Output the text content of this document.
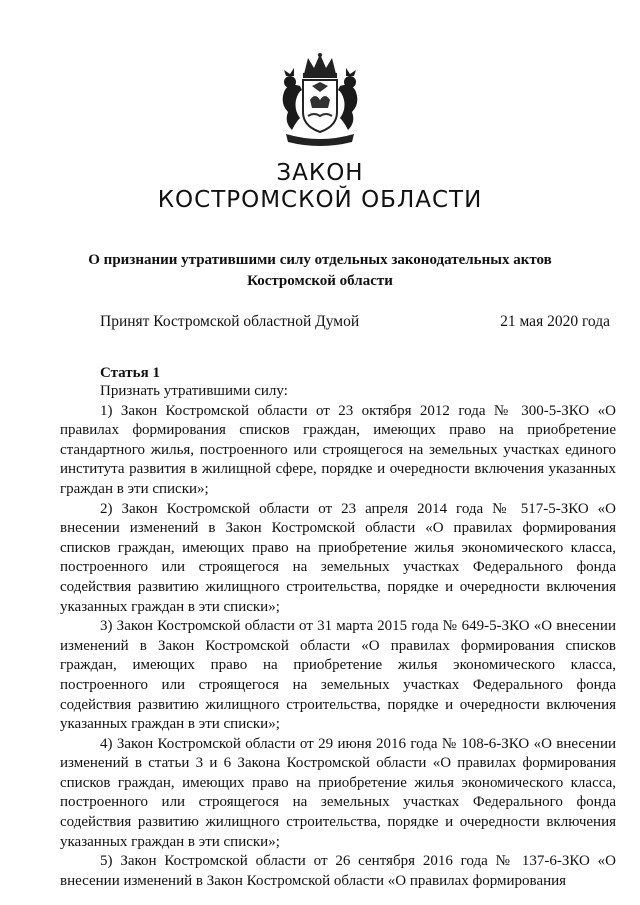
ЗАКОН
КОСТРОМСКОЙ ОБЛАСТИ
О признании утратившими силу отдельных законодательных актов
Костромской области
Принят Костромской областной Думой	21 мая 2020 года
Статья 1

Признать утратившими силу:

1) Закон Костромской области от 23 октября 2012 года № 300-5-ЗКО «О правилах формирования списков граждан, имеющих право на приобретение стандартного жилья, построенного или строящегося на земельных участках единого института развития в жилищной сфере, порядке и очередности включения указанных граждан в эти списки»;

2) Закон Костромской области от 23 апреля 2014 года № 517-5-ЗКО «О внесении изменений в Закон Костромской области «О правилах формирования списков граждан, имеющих право на приобретение жилья экономического класса, построенного или строящегося на земельных участках Федерального фонда содействия развитию жилищного строительства, порядке и очередности включения указанных граждан в эти списки»;

3) Закон Костромской области от 31 марта 2015 года № 649-5-ЗКО «О внесении изменений в Закон Костромской области «О правилах формирования списков граждан, имеющих право на приобретение жилья экономического класса, построенного или строящегося на земельных участках Федерального фонда содействия развитию жилищного строительства, порядке и очередности включения указанных граждан в эти списки»;

4) Закон Костромской области от 29 июня 2016 года № 108-6-ЗКО «О внесении изменений в статьи 3 и 6 Закона Костромской области «О правилах формирования списков граждан, имеющих право на приобретение жилья экономического класса, построенного или строящегося на земельных участках Федерального фонда содействия развитию жилищного строительства, порядке и очередности включения указанных граждан в эти списки»;

5) Закон Костромской области от 26 сентября 2016 года № 137-6-ЗКО «О внесении изменений в Закон Костромской области «О правилах формирования
